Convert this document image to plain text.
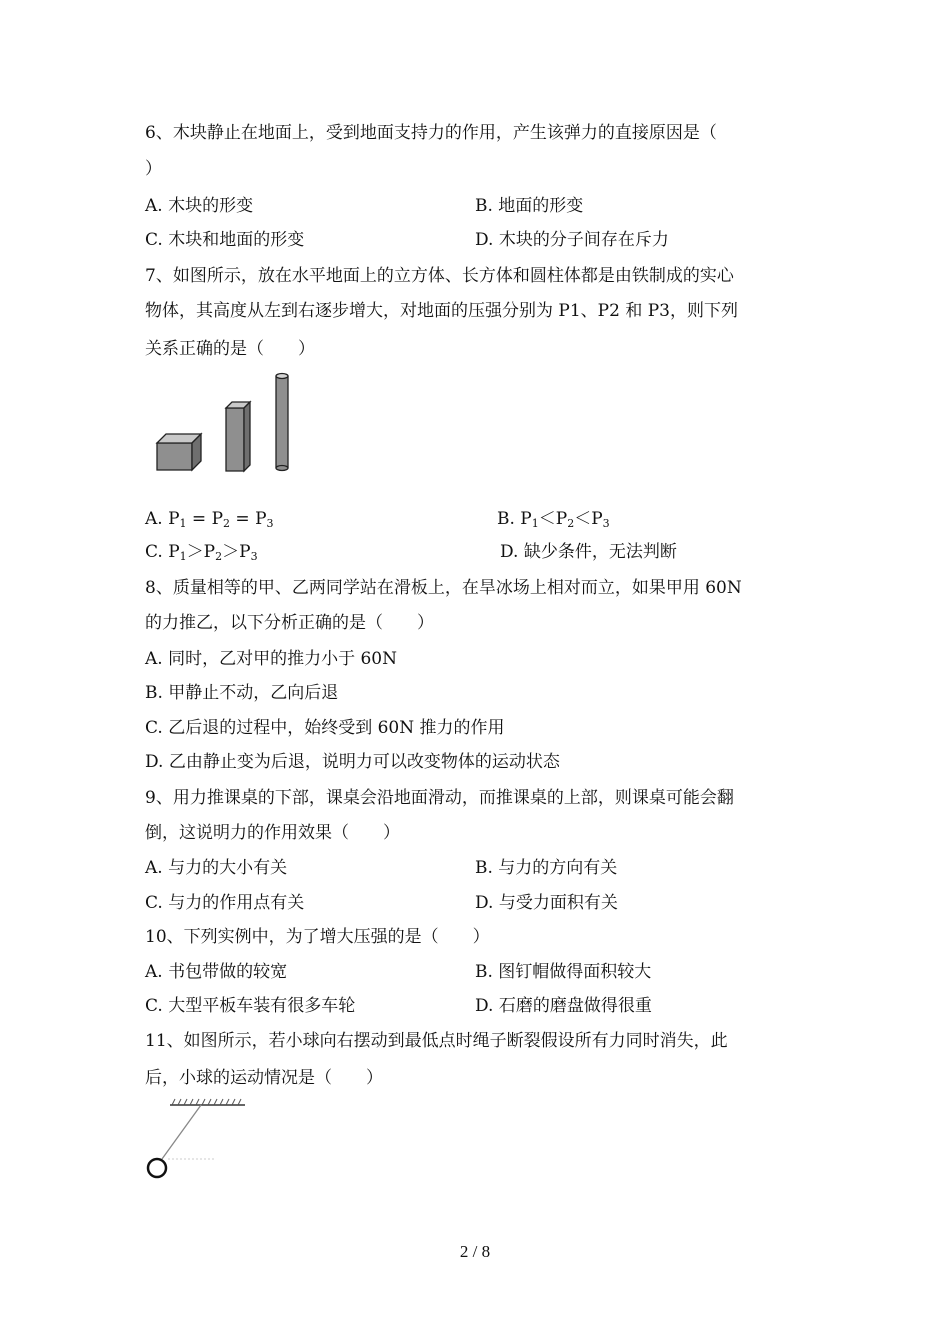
6、木块静止在地面上，受到地面支持力的作用，产生该弹力的直接原因是（
）
A. 木块的形变	B. 地面的形变
C. 木块和地面的形变	D. 木块的分子间存在斥力
7、如图所示，放在水平地面上的立方体、长方体和圆柱体都是由铁制成的实心
物体，其高度从左到右逐步增大，对地面的压强分别为 P1、P2 和 P3，则下列
关系正确的是（　　）
A. $P_1 = P_2 = P_3$	B. $P_1<P_2<P_3$
C. $P_1>P_2>P_3$	D. 缺少条件，无法判断
8、质量相等的甲、乙两同学站在滑板上，在旱冰场上相对而立，如果甲用 60N
的力推乙，以下分析正确的是（　　）
A. 同时，乙对甲的推力小于 60N
B. 甲静止不动，乙向后退
C. 乙后退的过程中，始终受到 60N 推力的作用
D. 乙由静止变为后退，说明力可以改变物体的运动状态
9、用力推课桌的下部，课桌会沿地面滑动，而推课桌的上部，则课桌可能会翻
倒，这说明力的作用效果（　　）
A. 与力的大小有关	B. 与力的方向有关
C. 与力的作用点有关	D. 与受力面积有关
10、下列实例中，为了增大压强的是（　　）
A. 书包带做的较宽	B. 图钉帽做得面积较大
C. 大型平板车装有很多车轮	D. 石磨的磨盘做得很重
11、如图所示，若小球向右摆动到最低点时绳子断裂假设所有力同时消失，此
后，小球的运动情况是（　　）
2 / 8
